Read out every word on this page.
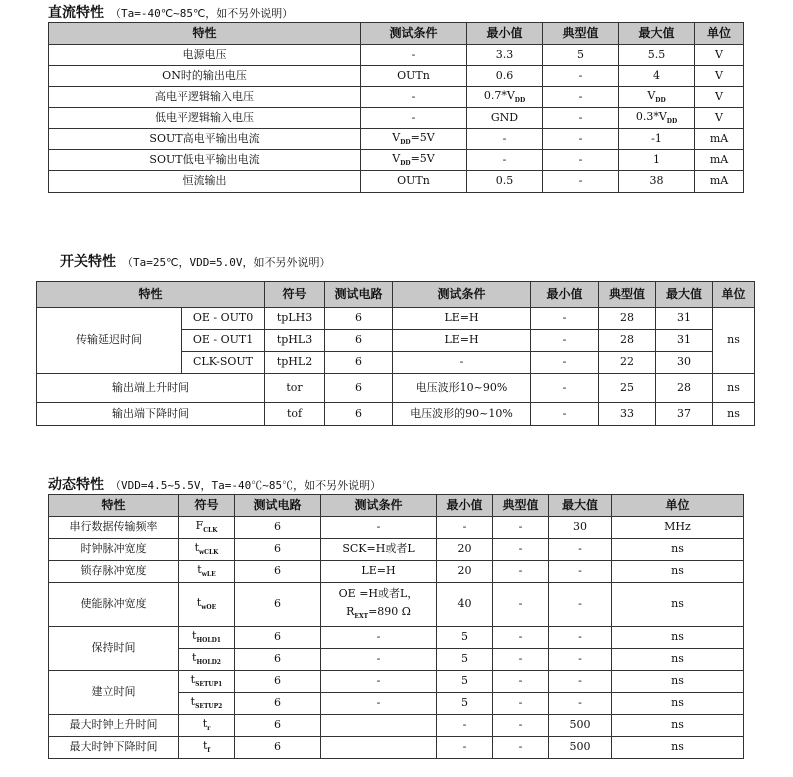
直流特性 （Ta=-40℃~85℃，如不另外说明）
特性	测试条件	最小值	典型值	最大值	单位
电源电压	-	3.3	5	5.5	V
ON时的输出电压	OUTn	0.6	-	4	V
高电平逻辑输入电压	-	$0.7*V_{DD}$	-	$V_{DD}$	V
低电平逻辑输入电压	-	GND	-	$0.3*V_{DD}$	V
SOUT高电平输出电流	$V_{DD}=5V$	-	-	-1	mA
SOUT低电平输出电流	$V_{DD}=5V$	-	-	1	mA
恒流输出	OUTn	0.5	-	38	mA
开关特性 （Ta=25℃，VDD=5.0V，如不另外说明）
特性		符号	测试电路	测试条件	最小值	典型值	最大值	单位
传输延迟时间	OE - OUT0	tpLH3	6	LE=H	-	28	31	ns
	OE - OUT1	tpHL3	6	LE=H	-	28	31	
	CLK-SOUT	tpHL2	6	-	-	22	30	
输出端上升时间		tor	6	电压波形10~90%	-	25	28	ns
输出端下降时间		tof	6	电压波形的90~10%	-	33	37	ns
动态特性 （VDD=4.5~5.5V，Ta=-40℃~85℃，如不另外说明）
特性	符号	测试电路	测试条件	最小值	典型值	最大值	单位
串行数据传输频率	$F_{CLK}$	6	-	-	-	30	MHz
时钟脉冲宽度	$t_{wCLK}$	6	SCK=H或者L	20	-	-	ns
锁存脉冲宽度	$t_{wLE}$	6	LE=H	20	-	-	ns
使能脉冲宽度	$t_{wOE}$	6	OE =H或者L，
$R_{EXT}=890$ Ω	40	-	-	ns
保持时间	$t_{HOLD1}$	6	-	5	-	-	ns
	$t_{HOLD2}$	6	-	5	-	-	ns
建立时间	$t_{SETUP1}$	6	-	5	-	-	ns
	$t_{SETUP2}$	6	-	5	-	-	ns
最大时钟上升时间	$t_r$	6		-	-	500	ns
最大时钟下降时间	$t_f$	6		-	-	500	ns
